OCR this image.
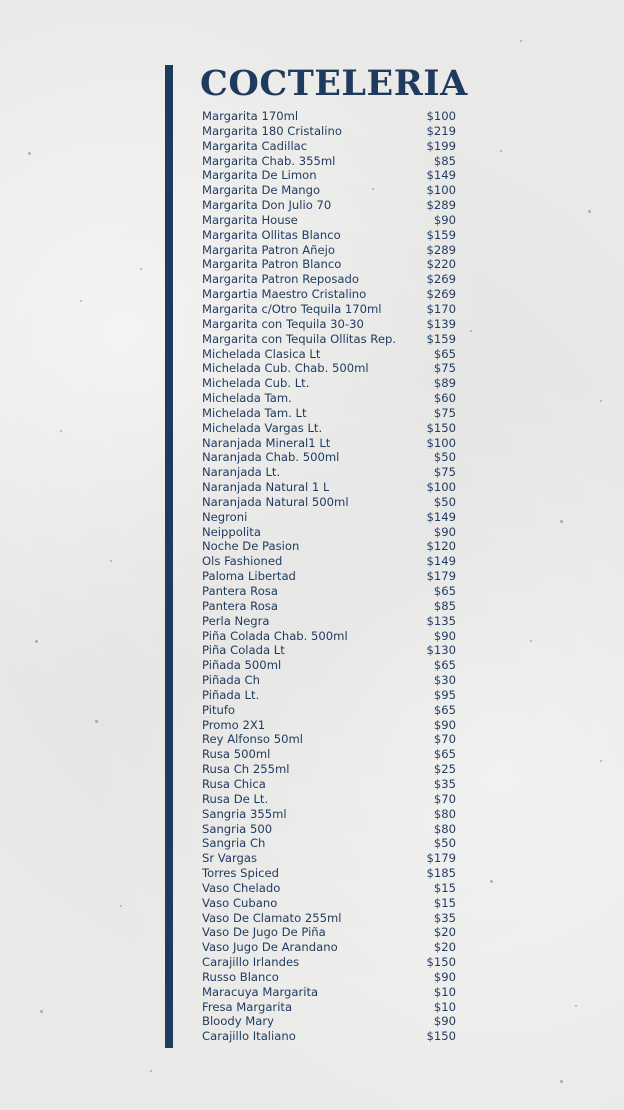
COCTELERIA
Margarita 170ml	$100
Margarita 180 Cristalino	$219
Margarita Cadillac	$199
Margarita Chab. 355ml	$85
Margarita De Limon	$149
Margarita De Mango	$100
Margarita Don Julio 70	$289
Margarita House	$90
Margarita Ollitas Blanco	$159
Margarita Patron Añejo	$289
Margarita Patron Blanco	$220
Margarita Patron Reposado	$269
Margartia Maestro Cristalino	$269
Margarita c/Otro Tequila 170ml	$170
Margarita con Tequila 30-30	$139
Margarita con Tequila Ollitas Rep.	$159
Michelada Clasica Lt	$65
Michelada Cub. Chab. 500ml	$75
Michelada Cub. Lt.	$89
Michelada Tam.	$60
Michelada Tam. Lt	$75
Michelada Vargas Lt.	$150
Naranjada Mineral1 Lt	$100
Naranjada Chab. 500ml	$50
Naranjada Lt.	$75
Naranjada Natural 1 L	$100
Naranjada Natural 500ml	$50
Negroni	$149
Neippolita	$90
Noche De Pasion	$120
Ols Fashioned	$149
Paloma Libertad	$179
Pantera Rosa	$65
Pantera Rosa	$85
Perla Negra	$135
Piña Colada Chab. 500ml	$90
Piña Colada Lt	$130
Piñada 500ml	$65
Piñada Ch	$30
Piñada Lt.	$95
Pitufo	$65
Promo 2X1	$90
Rey Alfonso 50ml	$70
Rusa 500ml	$65
Rusa Ch 255ml	$25
Rusa Chica	$35
Rusa De Lt.	$70
Sangria 355ml	$80
Sangria 500	$80
Sangria Ch	$50
Sr Vargas	$179
Torres Spiced	$185
Vaso Chelado	$15
Vaso Cubano	$15
Vaso De Clamato 255ml	$35
Vaso De Jugo De Piña	$20
Vaso Jugo De Arandano	$20
Carajillo Irlandes	$150
Russo Blanco	$90
Maracuya Margarita	$10
Fresa Margarita	$10
Bloody Mary	$90
Carajillo Italiano	$150
